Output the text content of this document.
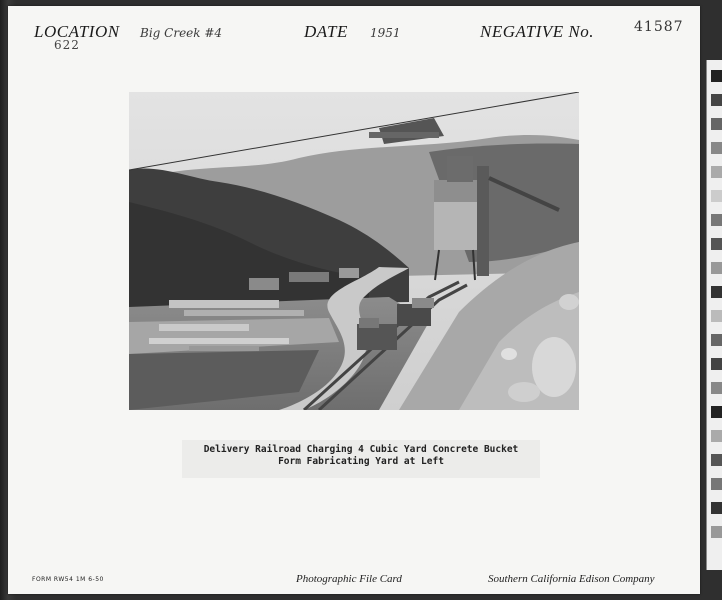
LOCATION Big Creek #4
622
DATE 1951	NEGATIVE No.	41587
Delivery Railroad Charging 4 Cubic Yard Concrete Bucket
Form Fabricating Yard at Left
FORM RW54 1M 6-50	Photographic File Card	Southern California Edison Company
